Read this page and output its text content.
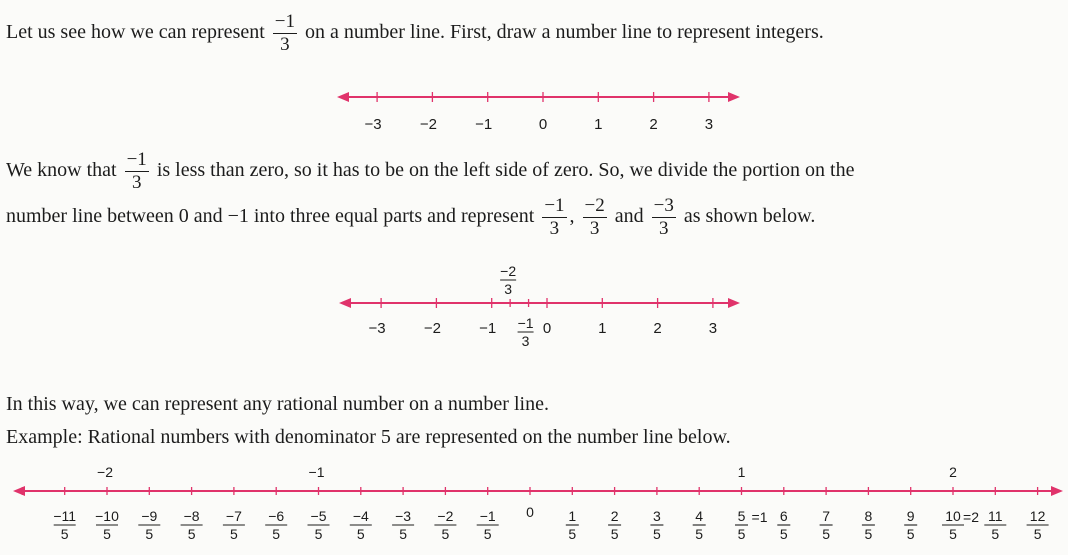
Let us see how we can represent $\frac{-1}{3}$ on a number line. First, draw a number line to represent integers.
−3	−2	−1	0	1	2	3
We know that $\frac{-1}{3}$ is less than zero, so it has to be on the left side of zero. So, we divide the portion on the
number line between 0 and −1 into three equal parts and represent $\frac{-1}{3}$ , $\frac{-2}{3}$ and $\frac{-3}{3}$ as shown below.
−3	−2	−1	1	2	3
0
−1
3
−2
3
In this way, we can represent any rational number on a number line.
Example: Rational numbers with denominator 5 are represented on the number line below.
−11
5
−10
5
−9
5
−8
5
−7
5
−6
5
−5
5
−4
5
−3
5
−2
5
−1
5
0 1
5
2
5
3
5
4
5
5
5
=1 6
5
7
5
8
5
9
5
10
5
=2 11
5
12
5
−2	−1	1	2
